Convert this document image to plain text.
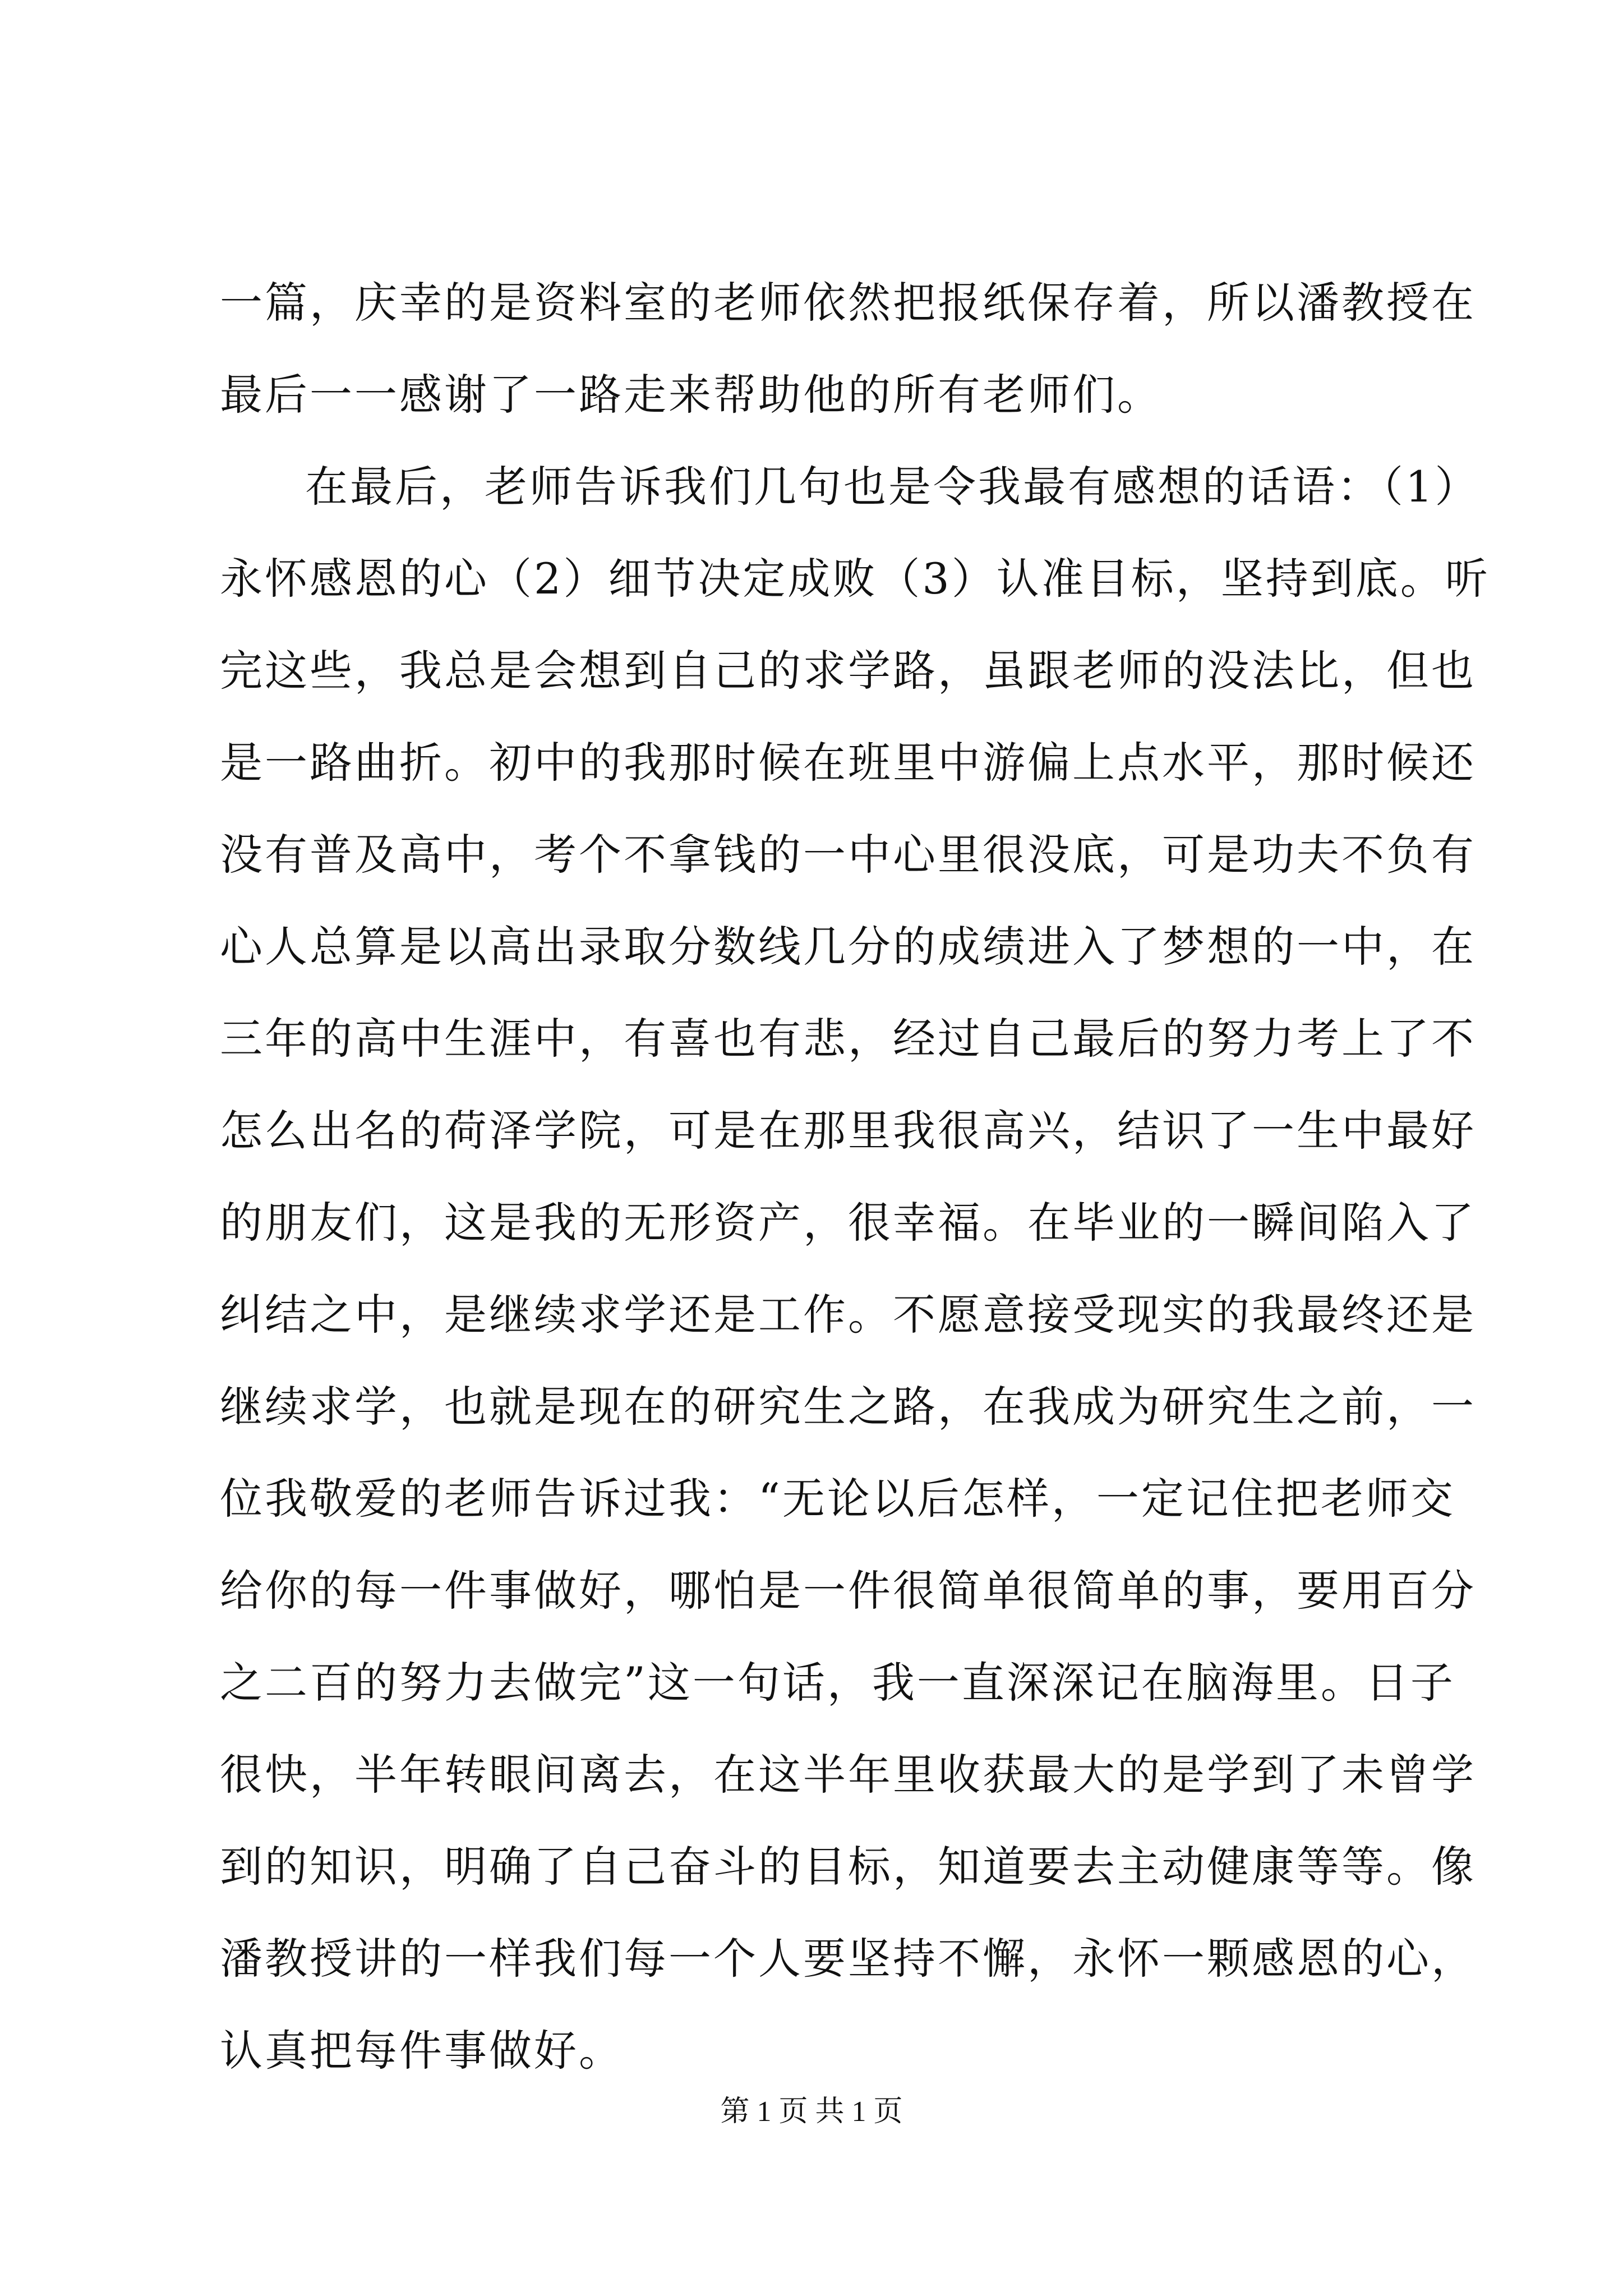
一篇，庆幸的是资料室的老师依然把报纸保存着，所以潘教授在
最后一一感谢了一路走来帮助他的所有老师们。
在最后，老师告诉我们几句也是令我最有感想的话语：（1）
永怀感恩的心（2）细节决定成败（3）认准目标，坚持到底。听
完这些，我总是会想到自己的求学路，虽跟老师的没法比，但也
是一路曲折。初中的我那时候在班里中游偏上点水平，那时候还
没有普及高中，考个不拿钱的一中心里很没底，可是功夫不负有
心人总算是以高出录取分数线几分的成绩进入了梦想的一中，在
三年的高中生涯中，有喜也有悲，经过自己最后的努力考上了不
怎么出名的荷泽学院，可是在那里我很高兴，结识了一生中最好
的朋友们，这是我的无形资产，很幸福。在毕业的一瞬间陷入了
纠结之中，是继续求学还是工作。不愿意接受现实的我最终还是
继续求学，也就是现在的研究生之路，在我成为研究生之前，一
位我敬爱的老师告诉过我：“无论以后怎样，一定记住把老师交
给你的每一件事做好，哪怕是一件很简单很简单的事，要用百分
之二百的努力去做完”这一句话，我一直深深记在脑海里。日子
很快，半年转眼间离去，在这半年里收获最大的是学到了未曾学
到的知识，明确了自己奋斗的目标，知道要去主动健康等等。像
潘教授讲的一样我们每一个人要坚持不懈，永怀一颗感恩的心，
认真把每件事做好。
第 1 页 共 1 页
